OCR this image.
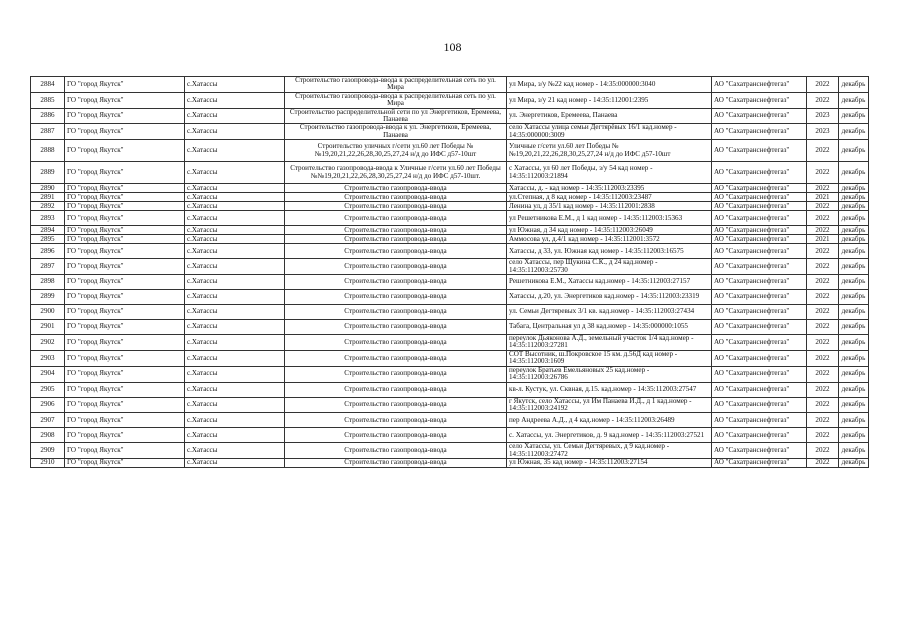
108
2884	ГО "город Якутск"	с.Хатассы	Строительство газопровода-ввода к распределительная сеть по ул. Мира	ул Мира, з/у №22 кад номер - 14:35:000000:3040	АО "Сахатранснефтегаз"	2022	декабрь
2885	ГО "город Якутск"	с.Хатассы	Строительство газопровода-ввода к распределительная сеть по ул. Мира	ул Мира, з/у 21 кад номер - 14:35:112001:2395	АО "Сахатранснефтегаз"	2022	декабрь
2886	ГО "город Якутск"	с.Хатассы	Строительство распределительной сети по ул Энергетиков, Еремеева, Панаева	ул. Энергетиков, Еремеева, Панаева	АО "Сахатранснефтегаз"	2023	декабрь
2887	ГО "город Якутск"	с.Хатассы	Строительство газопровода-ввода к ул. Энергетиков, Еремеева, Панаева	село Хатассы улица семьи Дегтярёвых 16/1 кад.номер - 14:35:000000:3009	АО "Сахатранснефтегаз"	2023	декабрь
2888	ГО "город Якутск"	с.Хатассы	Строительство уличных г/сети ул.60 лет Победы №№19,20,21,22,26,28,30,25,27,24 н/д до ИФС д57-10шт	Уличные г/сети ул.60 лет Победы №№19,20,21,22,26,28,30,25,27,24 н/д до ИФС д57-10шт	АО "Сахатранснефтегаз"	2022	декабрь
2889	ГО "город Якутск"	с.Хатассы	Строительство газопровода-ввода к Уличные г/сети ул.60 лет Победы №№19,20,21,22,26,28,30,25,27,24 н/д до ИФС д57-10шт.	с Хатассы, ул 60 лет Победы, з/у 54 кад номер - 14:35:112003:21894	АО "Сахатранснефтегаз"	2022	декабрь
2890	ГО "город Якутск"	с.Хатассы	Строительство газопровода-ввода	Хатассы, д. - кад номер - 14:35:112003:23395	АО "Сахатранснефтегаз"	2022	декабрь
2891	ГО "город Якутск"	с.Хатассы	Строительство газопровода-ввода	ул.Степная, д 8 кад номер - 14:35:112003:23487	АО "Сахатранснефтегаз"	2021	декабрь
2892	ГО "город Якутск"	с.Хатассы	Строительство газопровода-ввода	Ленина ул, д 35/1 кад номер - 14:35:112001:2838	АО "Сахатранснефтегаз"	2022	декабрь
2893	ГО "город Якутск"	с.Хатассы	Строительство газопровода-ввода	ул Решетникова Е.М., д 1 кад номер - 14:35:112003:15363	АО "Сахатранснефтегаз"	2022	декабрь
2894	ГО "город Якутск"	с.Хатассы	Строительство газопровода-ввода	ул Южная, д 34 кад номер - 14:35:112003:26049	АО "Сахатранснефтегаз"	2022	декабрь
2895	ГО "город Якутск"	с.Хатассы	Строительство газопровода-ввода	Аммосова ул, д.4/1 кад номер - 14:35:112001:3572	АО "Сахатранснефтегаз"	2021	декабрь
2896	ГО "город Якутск"	с.Хатассы	Строительство газопровода-ввода	Хатассы, д 33, ул. Южная кад номер - 14:35:112003:16575	АО "Сахатранснефтегаз"	2022	декабрь
2897	ГО "город Якутск"	с.Хатассы	Строительство газопровода-ввода	село Хатассы, пер Щукина С.К., д 24 кад.номер - 14:35:112003:25730	АО "Сахатранснефтегаз"	2022	декабрь
2898	ГО "город Якутск"	с.Хатассы	Строительство газопровода-ввода	Решетникова Е.М., Хатассы кад.номер - 14:35:112003:27157	АО "Сахатранснефтегаз"	2022	декабрь
2899	ГО "город Якутск"	с.Хатассы	Строительство газопровода-ввода	Хатассы, д.20, ул. Энергетиков кад.номер - 14:35:112003:23319	АО "Сахатранснефтегаз"	2022	декабрь
2900	ГО "город Якутск"	с.Хатассы	Строительство газопровода-ввода	ул. Семьи Дегтяревых 3/1 кв. кад.номер - 14:35:112003:27434	АО "Сахатранснефтегаз"	2022	декабрь
2901	ГО "город Якутск"	с.Хатассы	Строительство газопровода-ввода	Табага, Центральная ул д 38 кад.номер - 14:35:000000:1055	АО "Сахатранснефтегаз"	2022	декабрь
2902	ГО "город Якутск"	с.Хатассы	Строительство газопровода-ввода	переулок Дьяконова А.Д., земельный участок 1/4 кад.номер - 14:35:112003:27281	АО "Сахатранснефтегаз"	2022	декабрь
2903	ГО "город Якутск"	с.Хатассы	Строительство газопровода-ввода	СОТ Высотник, ш.Покровское 15 км. д.56Д кад номер - 14:35:112003:1609	АО "Сахатранснефтегаз"	2022	декабрь
2904	ГО "город Якутск"	с.Хатассы	Строительство газопровода-ввода	переулок Братьев Емельяновых 25 кад.номер - 14:35:112003:26786	АО "Сахатранснефтегаз"	2022	декабрь
2905	ГО "город Якутск"	с.Хатассы	Строительство газопровода-ввода	кв-л. Кустук, ул. Сквная, д.15. кад.номер - 14:35:112003:27547	АО "Сахатранснефтегаз"	2022	декабрь
2906	ГО "город Якутск"	с.Хатассы	Строительство газопровода-ввода	г Якутск, село Хатассы, ул Им Панаева И.Д., д 1 кад.номер - 14:35:112003:24192	АО "Сахатранснефтегаз"	2022	декабрь
2907	ГО "город Якутск"	с.Хатассы	Строительство газопровода-ввода	пер Андреева А.Д., д 4 кад.номер - 14:35:112003:26489	АО "Сахатранснефтегаз"	2022	декабрь
2908	ГО "город Якутск"	с.Хатассы	Строительство газопровода-ввода	с. Хатассы, ул. Энергетиков, д. 9 кад.номер - 14:35:112003:27521	АО "Сахатранснефтегаз"	2022	декабрь
2909	ГО "город Якутск"	с.Хатассы	Строительство газопровода-ввода	село Хатассы, ул. Семьи Дегтяревых, д 9 кад.номер - 14:35:112003:27472	АО "Сахатранснефтегаз"	2022	декабрь
2910	ГО "город Якутск"	с.Хатассы	Строительство газопровода-ввода	ул Южная, 35 кад номер - 14:35:112003:27154	АО "Сахатранснефтегаз"	2022	декабрь
